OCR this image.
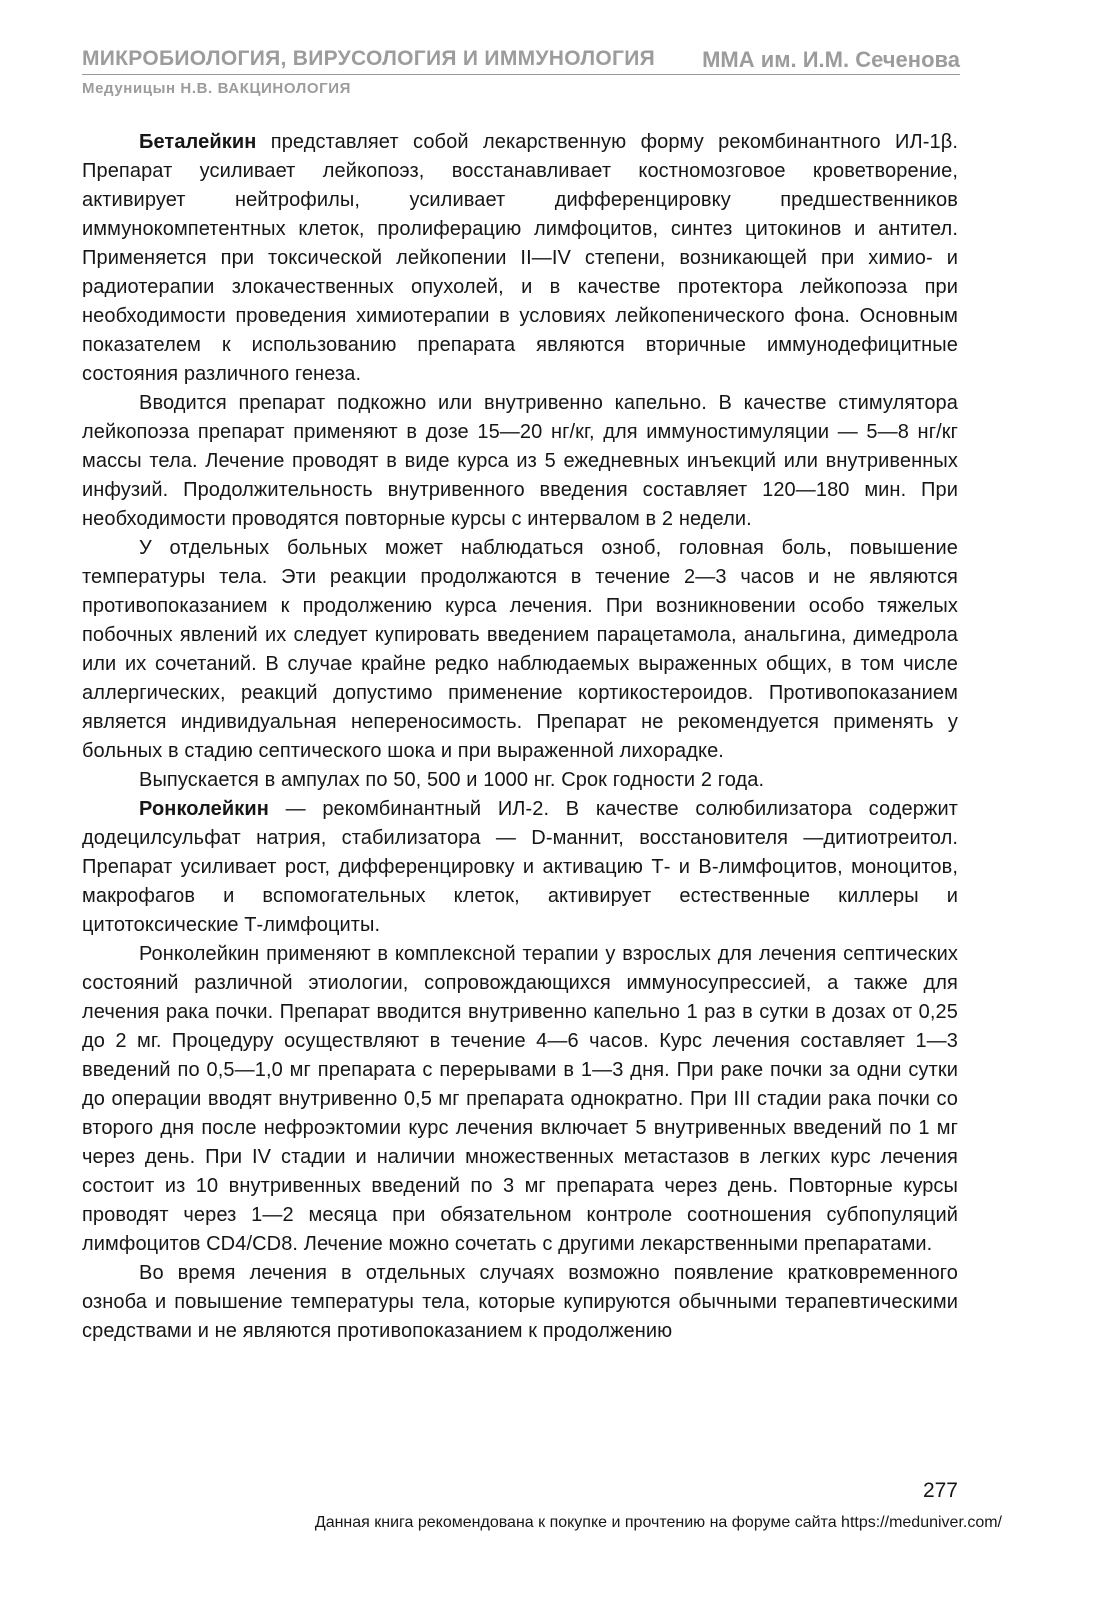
МИКРОБИОЛОГИЯ, ВИРУСОЛОГИЯ И ИММУНОЛОГИЯ ММА им. И.М. Сеченова
Медуницын Н.В. ВАКЦИНОЛОГИЯ

Беталейкин представляет собой лекарственную форму рекомбинантного ИЛ-1β. Препарат усиливает лейкопоэз, восстанавливает костномозговое кроветворение, активирует нейтрофилы, усиливает дифференцировку предшественников иммунокомпетентных клеток, пролиферацию лимфоцитов, синтез цитокинов и антител. Применяется при токсической лейкопении II—IV степени, возникающей при химио- и радиотерапии злокачественных опухолей, и в качестве протектора лейкопоэза при необходимости проведения химиотерапии в условиях лейкопенического фона. Основным показателем к использованию препарата являются вторичные иммунодефицитные состояния различного генеза.

Вводится препарат подкожно или внутривенно капельно. В качестве стимулятора лейкопоэза препарат применяют в дозе 15—20 нг/кг, для иммуностимуляции — 5—8 нг/кг массы тела. Лечение проводят в виде курса из 5 ежедневных инъекций или внутривенных инфузий. Продолжительность внутривенного введения составляет 120—180 мин. При необходимости проводятся повторные курсы с интервалом в 2 недели.

У отдельных больных может наблюдаться озноб, головная боль, повышение температуры тела. Эти реакции продолжаются в течение 2—3 часов и не являются противопоказанием к продолжению курса лечения. При возникновении особо тяжелых побочных явлений их следует купировать введением парацетамола, анальгина, димедрола или их сочетаний. В случае крайне редко наблюдаемых выраженных общих, в том числе аллергических, реакций допустимо применение кортикостероидов. Противопоказанием является индивидуальная непереносимость. Препарат не рекомендуется применять у больных в стадию септического шока и при выраженной лихорадке.

Выпускается в ампулах по 50, 500 и 1000 нг. Срок годности 2 года.

Ронколейкин — рекомбинантный ИЛ-2. В качестве солюбилизатора содержит додецилсульфат натрия, стабилизатора — D-маннит, восстановителя —дитиотреитол. Препарат усиливает рост, дифференцировку и активацию Т- и В-лимфоцитов, моноцитов, макрофагов и вспомогательных клеток, активирует естественные киллеры и цитотоксические Т-лимфоциты.

Ронколейкин применяют в комплексной терапии у взрослых для лечения септических состояний различной этиологии, сопровождающихся иммуносупрессией, а также для лечения рака почки. Препарат вводится внутривенно капельно 1 раз в сутки в дозах от 0,25 до 2 мг. Процедуру осуществляют в течение 4—6 часов. Курс лечения составляет 1—3 введений по 0,5—1,0 мг препарата с перерывами в 1—3 дня. При раке почки за одни сутки до операции вводят внутривенно 0,5 мг препарата однократно. При III стадии рака почки со второго дня после нефроэктомии курс лечения включает 5 внутривенных введений по 1 мг через день. При IV стадии и наличии множественных метастазов в легких курс лечения состоит из 10 внутривенных введений по 3 мг препарата через день. Повторные курсы проводят через 1—2 месяца при обязательном контроле соотношения субпопуляций лимфоцитов CD4/CD8. Лечение можно сочетать с другими лекарственными препаратами.

Во время лечения в отдельных случаях возможно появление кратковременного озноба и повышение температуры тела, которые купируются обычными терапевтическими средствами и не являются противопоказанием к продолжению

277
Данная книга рекомендована к покупке и прочтению на форуме сайта https://meduniver.com/
